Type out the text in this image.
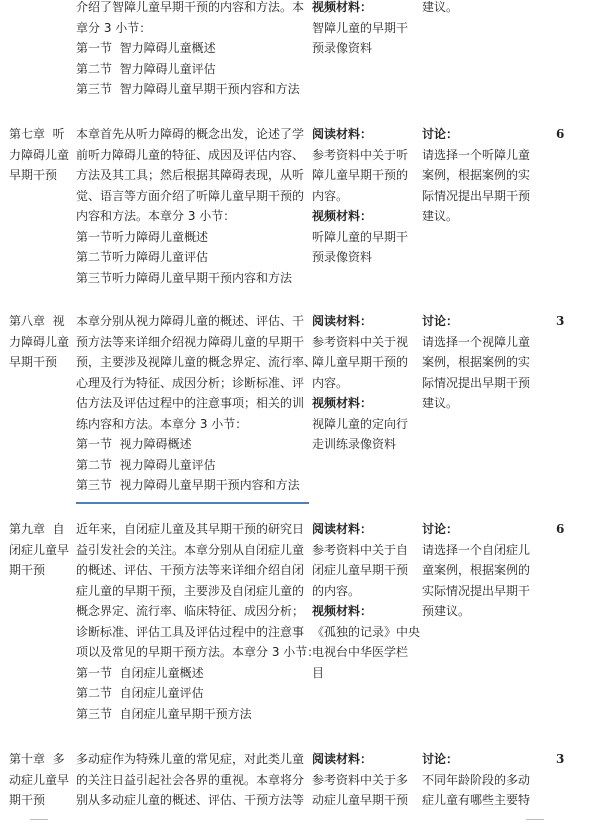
介绍了智障儿童早期干预的内容和方法。本
章分 3 小节：
第一节  智力障碍儿童概述
第二节  智力障碍儿童评估
第三节  智力障碍儿童早期干预内容和方法
视频材料：
智障儿童的早期干
预录像资料
建议。
第七章  听
力障碍儿童
早期干预
本章首先从听力障碍的概念出发，论述了学
前听力障碍儿童的特征、成因及评估内容、
方法及其工具；然后根据其障碍表现，从听
觉、语言等方面介绍了听障儿童早期干预的
内容和方法。本章分 3 小节：
第一节听力障碍儿童概述
第二节听力障碍儿童评估
第三节听力障碍儿童早期干预内容和方法
阅读材料：
参考资料中关于听
障儿童早期干预的
内容。
视频材料：
听障儿童的早期干
预录像资料
讨论：
请选择一个听障儿童
案例，根据案例的实
际情况提出早期干预
建议。
6
第八章  视
力障碍儿童
早期干预
本章分别从视力障碍儿童的概述、评估、干
预方法等来详细介绍视力障碍儿童的早期干
预，主要涉及视障儿童的概念界定、流行率、
心理及行为特征、成因分析；诊断标准、评
估方法及评估过程中的注意事项；相关的训
练内容和方法。本章分 3 小节：
第一节  视力障碍概述
第二节  视力障碍儿童评估
第三节  视力障碍儿童早期干预内容和方法
阅读材料：
参考资料中关于视
障儿童早期干预的
内容。
视频材料：
视障儿童的定向行
走训练录像资料
讨论：
请选择一个视障儿童
案例，根据案例的实
际情况提出早期干预
建议。
3
第九章  自
闭症儿童早
期干预
近年来，自闭症儿童及其早期干预的研究日
益引发社会的关注。本章分别从自闭症儿童
的概述、评估、干预方法等来详细介绍自闭
症儿童的早期干预，主要涉及自闭症儿童的
概念界定、流行率、临床特征、成因分析；
诊断标准、评估工具及评估过程中的注意事
项以及常见的早期干预方法。本章分 3 小节：
第一节  自闭症儿童概述
第二节  自闭症儿童评估
第三节  自闭症儿童早期干预方法
阅读材料：
参考资料中关于自
闭症儿童早期干预
的内容。
视频材料：
《孤独的记录》中央
电视台中华医学栏
目
讨论：
请选择一个自闭症儿
童案例，根据案例的
实际情况提出早期干
预建议。
6
第十章  多
动症儿童早
期干预
多动症作为特殊儿童的常见症，对此类儿童
的关注日益引起社会各界的重视。本章将分
别从多动症儿童的概述、评估、干预方法等
阅读材料：
参考资料中关于多
动症儿童早期干预
讨论：
不同年龄阶段的多动
症儿童有哪些主要特
3
